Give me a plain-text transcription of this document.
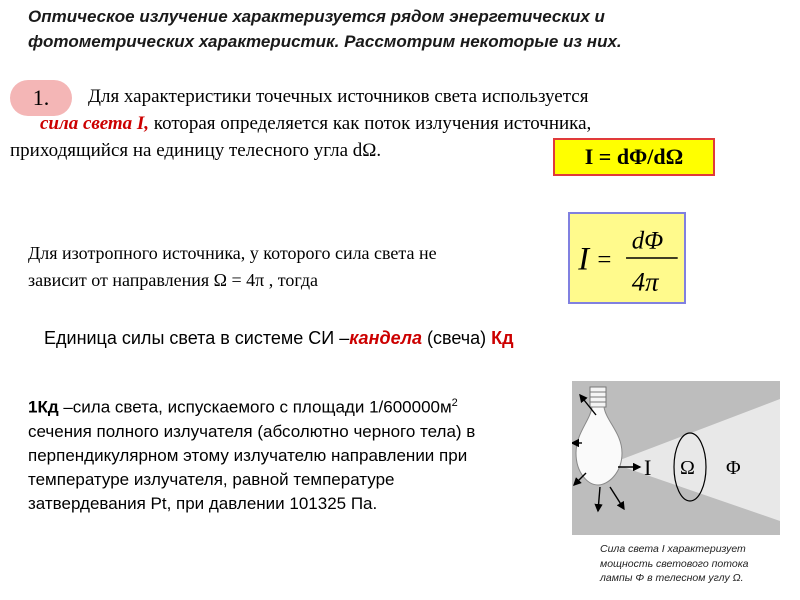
Оптическое излучение характеризуется рядом энергетических и
фотометрических характеристик. Рассмотрим некоторые из них.
1.	Для характеристики точечных источников света используется
сила света I, которая определяется как поток излучения источника,
приходящийся на единицу телесного угла dΩ.	I = dΦ/dΩ
Для изотропного источника, у которого сила света не
зависит от направления Ω = 4π , тогда
I =
dΦ
4π
Единица силы света в системе СИ –кандела (свеча) Кд
1Кд –сила света, испускаемого с площади $1/600000м^2$
сечения полного излучателя (абсолютно черного тела) в
перпендикулярном этому излучателю направлении при
температуре излучателя, равной температуре
затвердевания Pt, при давлении 101325 Па.
I Ω Φ
Сила света I характеризует
мощность светового потока
лампы Φ в телесном углу Ω.
